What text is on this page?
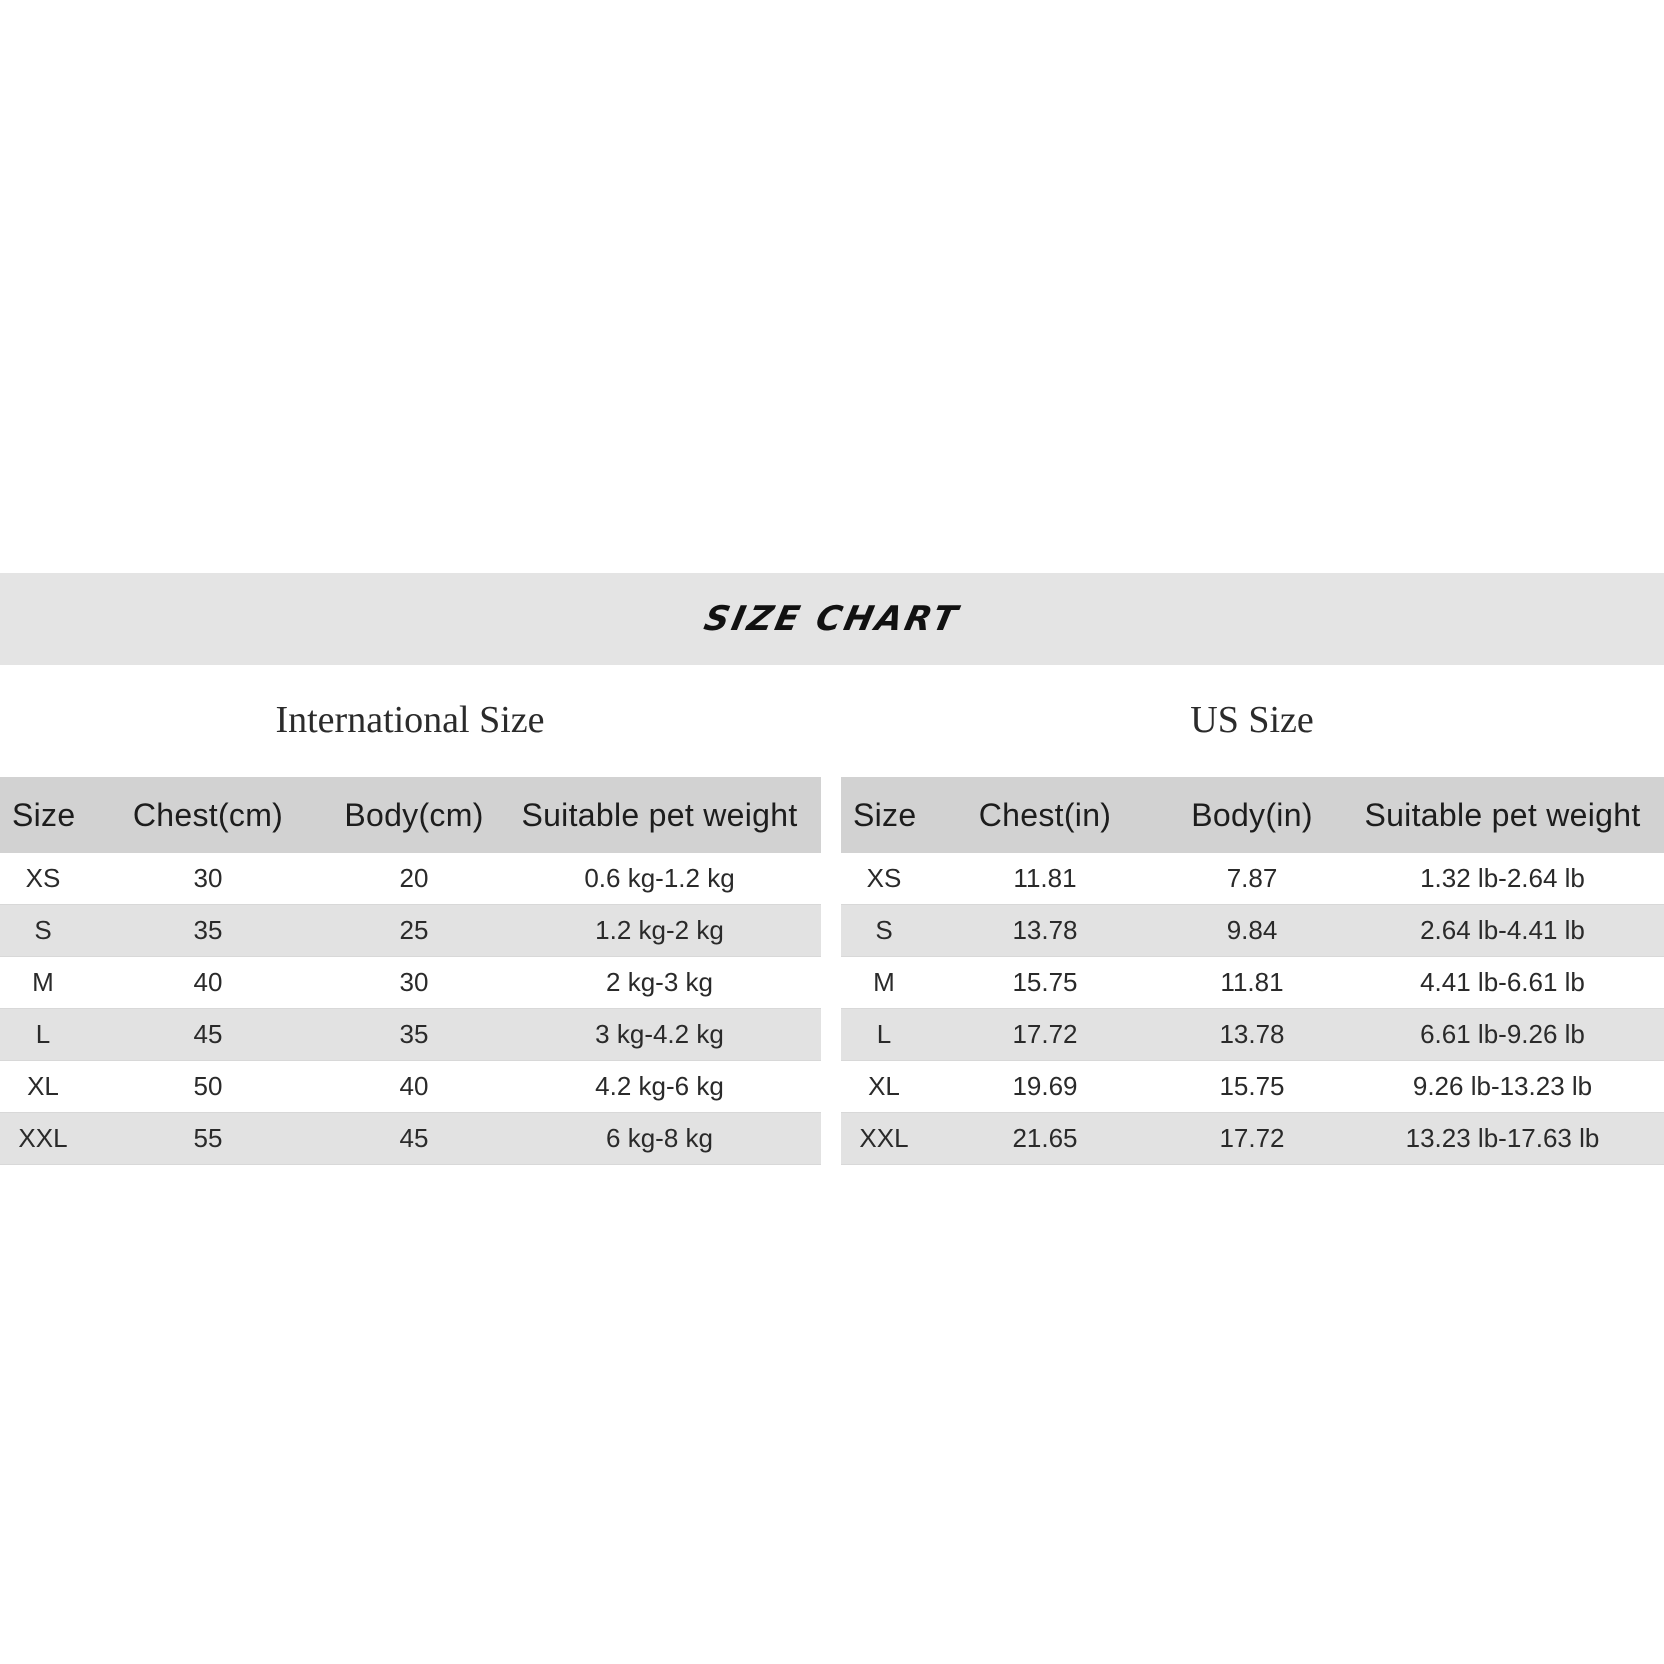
SIZE CHART
International Size	US Size
Size	Chest(cm)	Body(cm)	Suitable pet weight
XS	30	20	0.6 kg-1.2 kg
S	35	25	1.2 kg-2 kg
M	40	30	2 kg-3 kg
L	45	35	3 kg-4.2 kg
XL	50	40	4.2 kg-6 kg
XXL	55	45	6 kg-8 kg
Size	Chest(in)	Body(in)	Suitable pet weight
XS	11.81	7.87	1.32 lb-2.64 lb
S	13.78	9.84	2.64 lb-4.41 lb
M	15.75	11.81	4.41 lb-6.61 lb
L	17.72	13.78	6.61 lb-9.26 lb
XL	19.69	15.75	9.26 lb-13.23 lb
XXL	21.65	17.72	13.23 lb-17.63 lb
